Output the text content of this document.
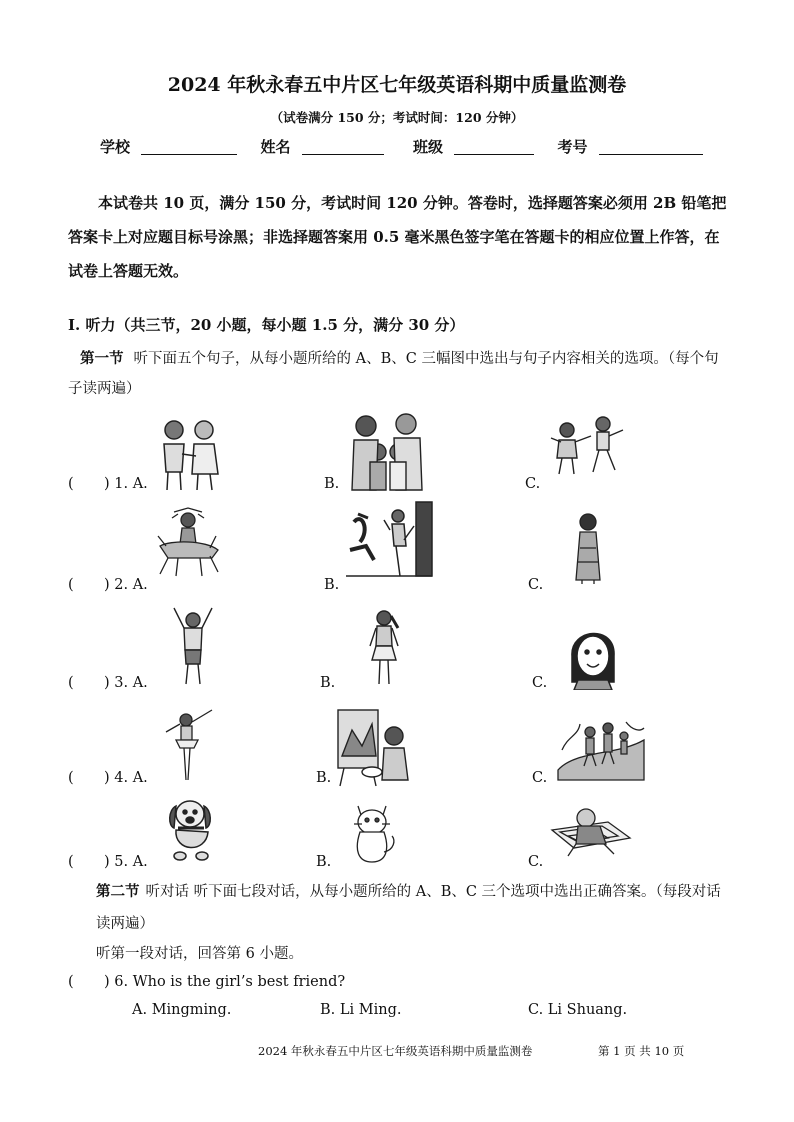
2024 年秋永春五中片区七年级英语科期中质量监测卷
（试卷满分 150 分；考试时间：120 分钟）
学校	姓名	班级	考号
本试卷共 10 页，满分 150 分，考试时间 120 分钟。答卷时，选择题答案必须用 2B 铅笔把答案卡上对应题目标号涂黑；非选择题答案用 0.5 毫米黑色签字笔在答题卡的相应位置上作答，在试卷上答题无效。
Ⅰ. 听力（共三节，20 小题，每小题 1.5 分，满分 30 分）
第一节 听下面五个句子，从每小题所给的 A、B、C 三幅图中选出与句子内容相关的选项。（每个句子读两遍）
( ) 1. A.	B.	C.
( ) 2. A.	B.	C.
( ) 3. A.	B.	C.
( ) 4. A.	B.	C.
( ) 5. A.	B.	C.
第二节 听对话 听下面七段对话，从每小题所给的 A、B、C 三个选项中选出正确答案。（每段对话读两遍）
听第一段对话，回答第 6 小题。
( ) 6. Who is the girl’s best friend?
A. Mingming.	B. Li Ming.	C. Li Shuang.
2024 年秋永春五中片区七年级英语科期中质量监测卷	第 1 页 共 10 页
